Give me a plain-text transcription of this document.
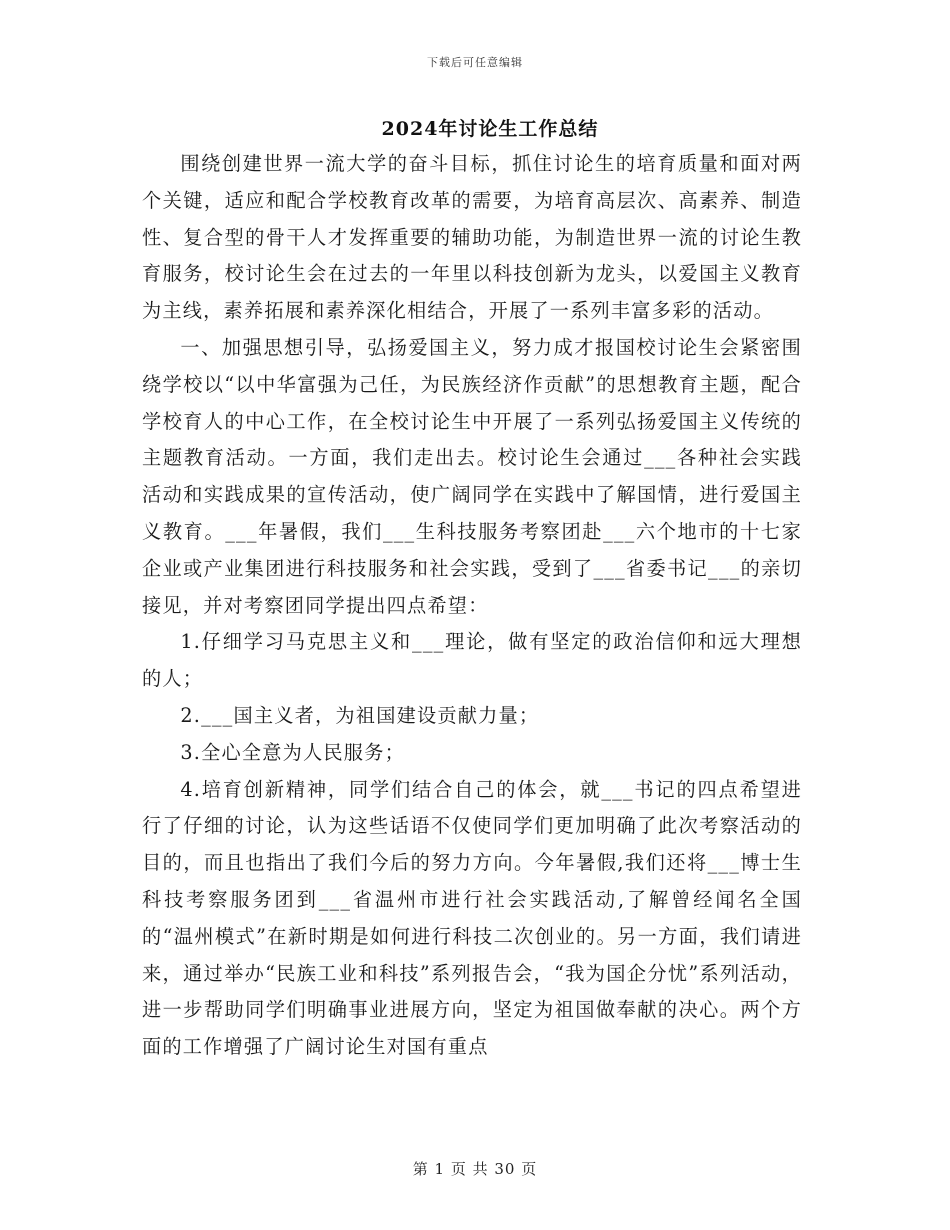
下载后可任意编辑
2024年讨论生工作总结

围绕创建世界一流大学的奋斗目标，抓住讨论生的培育质量和面对两个关键，适应和配合学校教育改革的需要，为培育高层次、高素养、制造性、复合型的骨干人才发挥重要的辅助功能，为制造世界一流的讨论生教育服务，校讨论生会在过去的一年里以科技创新为龙头，以爱国主义教育为主线，素养拓展和素养深化相结合，开展了一系列丰富多彩的活动。

一、加强思想引导，弘扬爱国主义，努力成才报国校讨论生会紧密围绕学校以“以中华富强为己任，为民族经济作贡献”的思想教育主题，配合学校育人的中心工作，在全校讨论生中开展了一系列弘扬爱国主义传统的主题教育活动。一方面，我们走出去。校讨论生会通过___各种社会实践活动和实践成果的宣传活动，使广阔同学在实践中了解国情，进行爱国主义教育。___年暑假，我们___生科技服务考察团赴___六个地市的十七家企业或产业集团进行科技服务和社会实践，受到了___省委书记___的亲切接见，并对考察团同学提出四点希望：

1.仔细学习马克思主义和___理论，做有坚定的政治信仰和远大理想的人；

2.___国主义者，为祖国建设贡献力量；

3.全心全意为人民服务；

4.培育创新精神，同学们结合自己的体会，就___书记的四点希望进行了仔细的讨论，认为这些话语不仅使同学们更加明确了此次考察活动的目的，而且也指出了我们今后的努力方向。今年暑假,我们还将___博士生科技考察服务团到___省温州市进行社会实践活动,了解曾经闻名全国的“温州模式”在新时期是如何进行科技二次创业的。另一方面，我们请进来，通过举办“民族工业和科技”系列报告会，“我为国企分忧”系列活动，进一步帮助同学们明确事业进展方向，坚定为祖国做奉献的决心。两个方面的工作增强了广阔讨论生对国有重点

第 1 页 共 30 页
